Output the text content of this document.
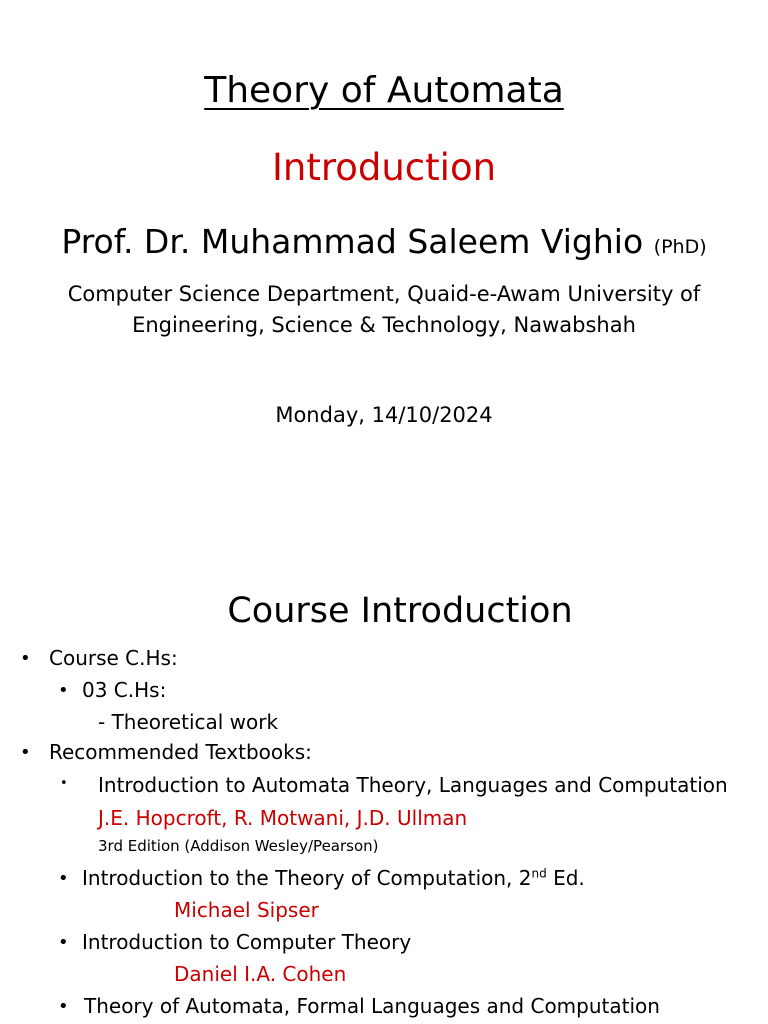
Theory of Automata
Introduction
Prof. Dr. Muhammad Saleem Vighio (PhD)
Computer Science Department, Quaid-e-Awam University of
Engineering, Science & Technology, Nawabshah
Monday, 14/10/2024
Course Introduction
• Course C.Hs:
• 03 C.Hs:
- Theoretical work
• Recommended Textbooks:
• Introduction to Automata Theory, Languages and Computation
J.E. Hopcroft, R. Motwani, J.D. Ullman
3rd Edition (Addison Wesley/Pearson)
• Introduction to the Theory of Computation, 2nd Ed.
Michael Sipser
• Introduction to Computer Theory
Daniel I.A. Cohen
• Theory of Automata, Formal Languages and Computation
